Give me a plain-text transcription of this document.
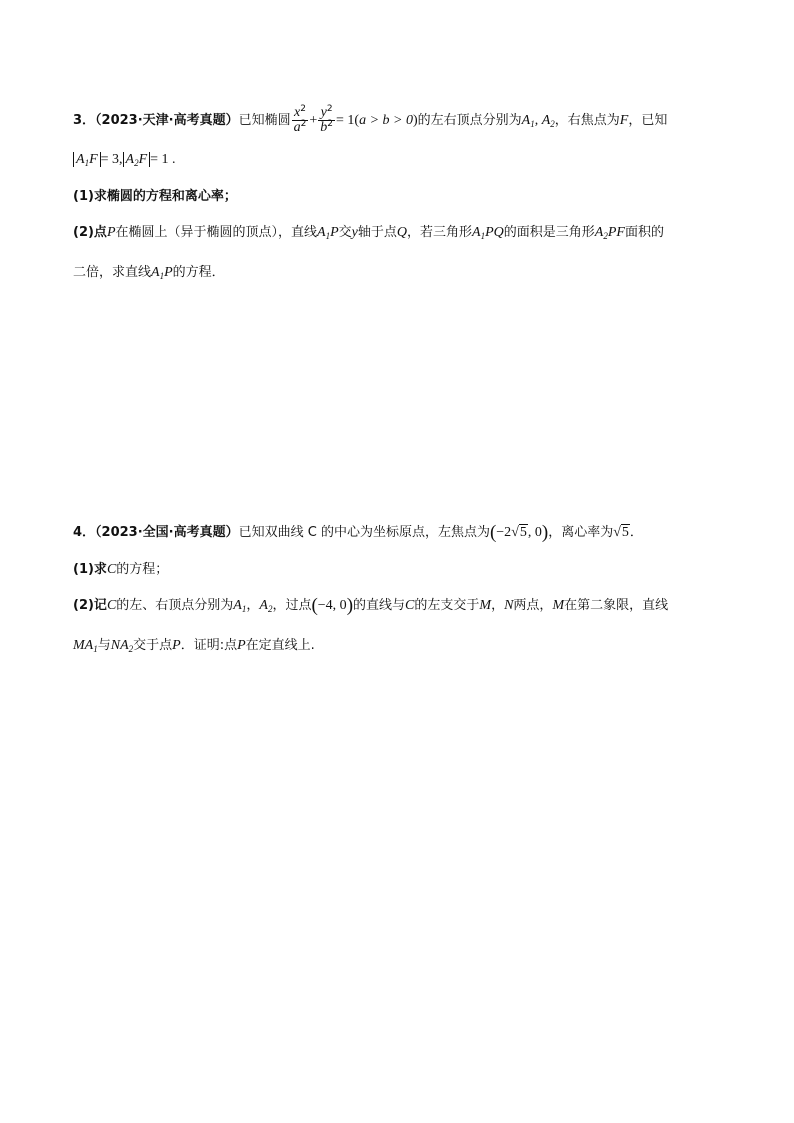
3．（2023·天津·高考真题）已知椭圆 $\frac{x^2}{a^2} + \frac{y^2}{b^2} = 1(a > b > 0)$的左右顶点分别为$A_1$, $A_2$，右焦点为F，已知
$A_1F = 3$, $A_2F = 1$ .
(1)求椭圆的方程和离心率；
(2)点P在椭圆上（异于椭圆的顶点），直线$A_1P$交y轴于点Q，若三角形$A_1PQ$的面积是三角形$A_2PF$面积的
二倍，求直线$A_1P$的方程．
4．（2023·全国·高考真题）已知双曲线 C 的中心为坐标原点，左焦点为(−2√5, 0)，离心率为√5．
(1)求C的方程；
(2)记C的左、右顶点分别为$A_1$，$A_2$，过点(−4, 0)的直线与C的左支交于M，N两点，M在第二象限，直线
$MA_1$与$NA_2$交于点P．证明:点P在定直线上.
